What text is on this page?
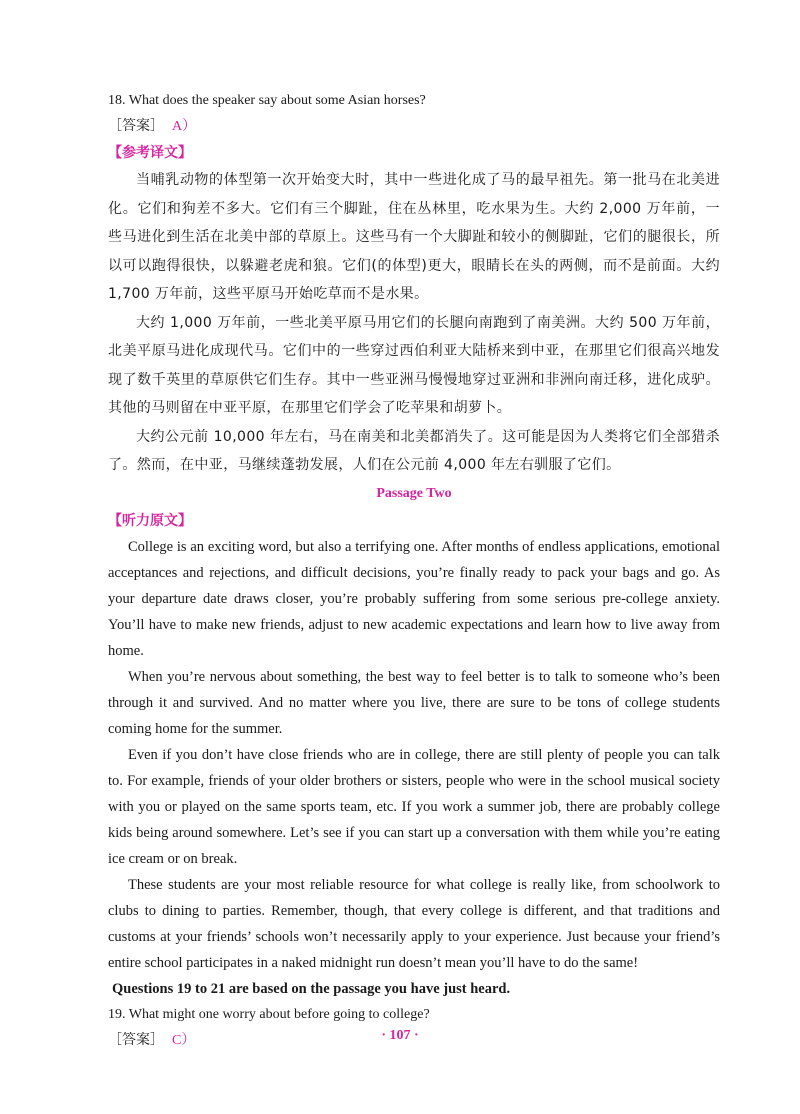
18. What does the speaker say about some Asian horses?

［答案］ A）

【参考译文】

当哺乳动物的体型第一次开始变大时，其中一些进化成了马的最早祖先。第一批马在北美进化。它们和狗差不多大。它们有三个脚趾，住在丛林里，吃水果为生。大约 2,000 万年前，一些马进化到生活在北美中部的草原上。这些马有一个大脚趾和较小的侧脚趾，它们的腿很长，所以可以跑得很快，以躲避老虎和狼。它们(的体型)更大，眼睛长在头的两侧，而不是前面。大约 1,700 万年前，这些平原马开始吃草而不是水果。

大约 1,000 万年前，一些北美平原马用它们的长腿向南跑到了南美洲。大约 500 万年前，北美平原马进化成现代马。它们中的一些穿过西伯利亚大陆桥来到中亚，在那里它们很高兴地发现了数千英里的草原供它们生存。其中一些亚洲马慢慢地穿过亚洲和非洲向南迁移，进化成驴。其他的马则留在中亚平原，在那里它们学会了吃苹果和胡萝卜。

大约公元前 10,000 年左右，马在南美和北美都消失了。这可能是因为人类将它们全部猎杀了。然而，在中亚，马继续蓬勃发展，人们在公元前 4,000 年左右驯服了它们。

Passage Two

【听力原文】

College is an exciting word, but also a terrifying one. After months of endless applications, emotional acceptances and rejections, and difficult decisions, you’re finally ready to pack your bags and go. As your departure date draws closer, you’re probably suffering from some serious pre-college anxiety. You’ll have to make new friends, adjust to new academic expectations and learn how to live away from home.

When you’re nervous about something, the best way to feel better is to talk to someone who’s been through it and survived. And no matter where you live, there are sure to be tons of college students coming home for the summer.

Even if you don’t have close friends who are in college, there are still plenty of people you can talk to. For example, friends of your older brothers or sisters, people who were in the school musical society with you or played on the same sports team, etc. If you work a summer job, there are probably college kids being around somewhere. Let’s see if you can start up a conversation with them while you’re eating ice cream or on break.

These students are your most reliable resource for what college is really like, from schoolwork to clubs to dining to parties. Remember, though, that every college is different, and that traditions and customs at your friends’ schools won’t necessarily apply to your experience. Just because your friend’s entire school participates in a naked midnight run doesn’t mean you’ll have to do the same!

Questions 19 to 21 are based on the passage you have just heard.

19. What might one worry about before going to college?

［答案］ C）	· 107 ·
